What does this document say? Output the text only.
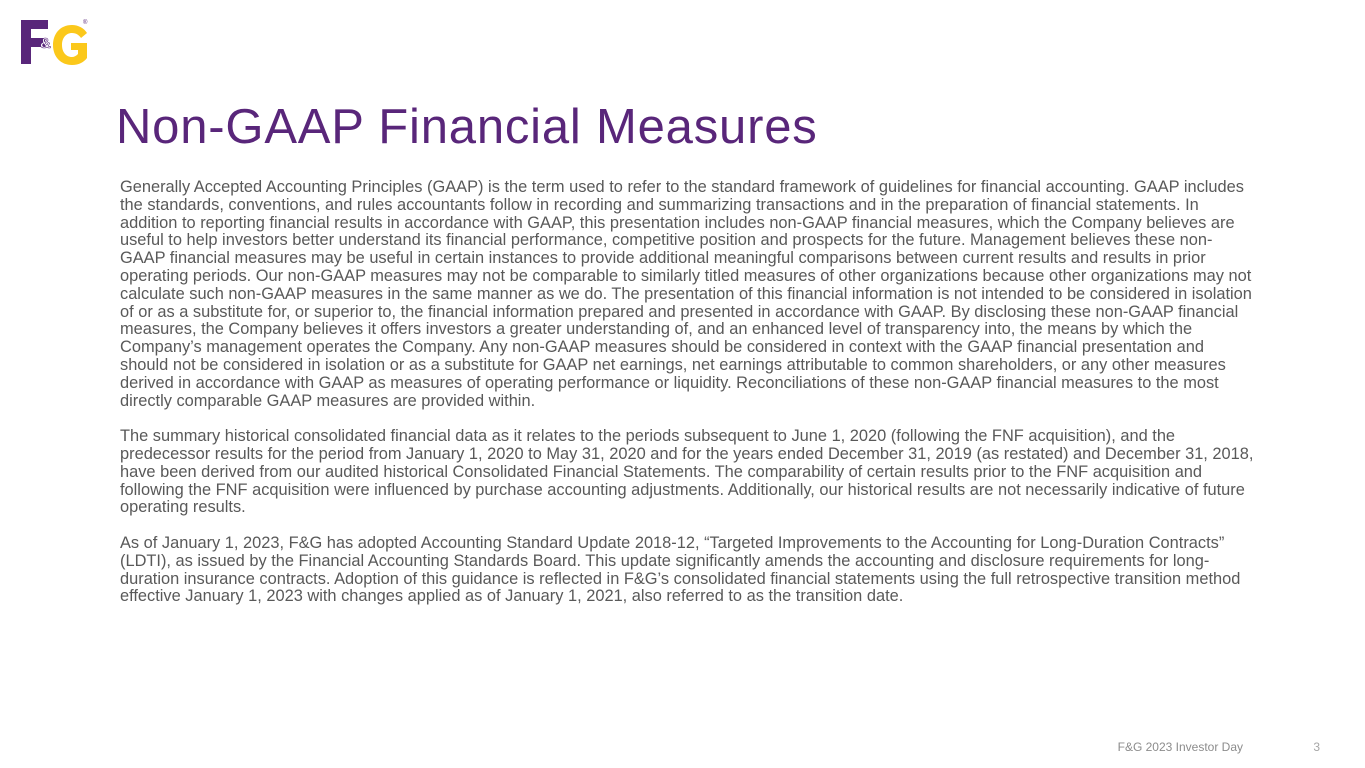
&
®
Non-GAAP Financial Measures

Generally Accepted Accounting Principles (GAAP) is the term used to refer to the standard framework of guidelines for financial accounting. GAAP includes the standards, conventions, and rules accountants follow in recording and summarizing transactions and in the preparation of financial statements. In addition to reporting financial results in accordance with GAAP, this presentation includes non-GAAP financial measures, which the Company believes are useful to help investors better understand its financial performance, competitive position and prospects for the future. Management believes these non-GAAP financial measures may be useful in certain instances to provide additional meaningful comparisons between current results and results in prior operating periods. Our non-GAAP measures may not be comparable to similarly titled measures of other organizations because other organizations may not calculate such non-GAAP measures in the same manner as we do. The presentation of this financial information is not intended to be considered in isolation of or as a substitute for, or superior to, the financial information prepared and presented in accordance with GAAP. By disclosing these non-GAAP financial measures, the Company believes it offers investors a greater understanding of, and an enhanced level of transparency into, the means by which the Company’s management operates the Company. Any non-GAAP measures should be considered in context with the GAAP financial presentation and should not be considered in isolation or as a substitute for GAAP net earnings, net earnings attributable to common shareholders, or any other measures derived in accordance with GAAP as measures of operating performance or liquidity. Reconciliations of these non-GAAP financial measures to the most directly comparable GAAP measures are provided within.

The summary historical consolidated financial data as it relates to the periods subsequent to June 1, 2020 (following the FNF acquisition), and the predecessor results for the period from January 1, 2020 to May 31, 2020 and for the years ended December 31, 2019 (as restated) and December 31, 2018, have been derived from our audited historical Consolidated Financial Statements. The comparability of certain results prior to the FNF acquisition and following the FNF acquisition were influenced by purchase accounting adjustments. Additionally, our historical results are not necessarily indicative of future operating results.

As of January 1, 2023, F&G has adopted Accounting Standard Update 2018-12, “Targeted Improvements to the Accounting for Long-Duration Contracts” (LDTI), as issued by the Financial Accounting Standards Board. This update significantly amends the accounting and disclosure requirements for long-duration insurance contracts. Adoption of this guidance is reflected in F&G’s consolidated financial statements using the full retrospective transition method effective January 1, 2023 with changes applied as of January 1, 2021, also referred to as the transition date.

F&G 2023 Investor Day	3
